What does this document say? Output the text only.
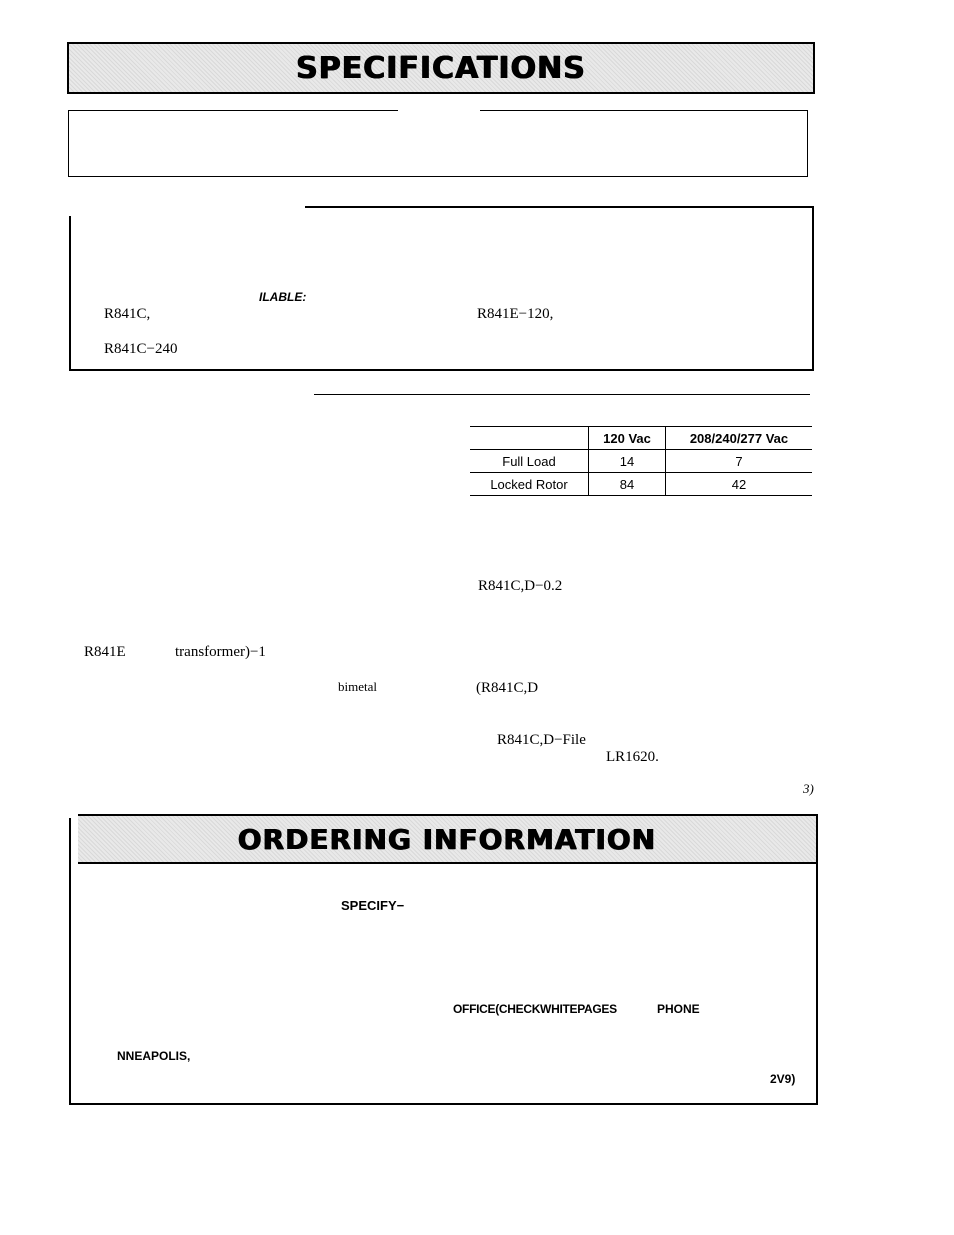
SPECIFICATIONS
ILABLE:
R841C,	R841E−120,
R841C−240
	120 Vac	208/240/277 Vac
Full Load	14	7
Locked Rotor	84	42
R841C,D−0.2
R841E	transformer)−1
bimetal	(R841C,D
R841C,D−File
LR1620.
3)
ORDERING INFORMATION
SPECIFY−
OFFICE(CHECKWHITEPAGES	PHONE
NNEAPOLIS,
2V9)
